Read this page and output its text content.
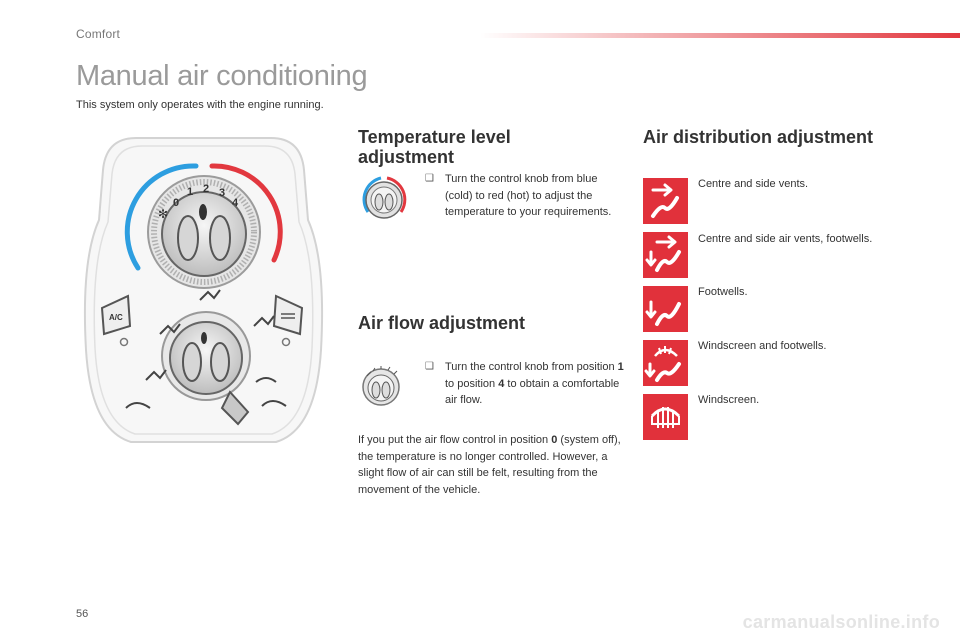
Comfort
Manual air conditioning
This system only operates with the engine running.
0
1 2 3
4
✻
A/C
Temperature level adjustment
❑ Turn the control knob from blue (cold) to red (hot) to adjust the temperature to your requirements.
Air flow adjustment
❑ Turn the control knob from position 1 to position 4 to obtain a comfortable air flow.
If you put the air flow control in position 0 (system off), the temperature is no longer controlled. However, a slight flow of air can still be felt, resulting from the movement of the vehicle.
Air distribution adjustment
Centre and side vents.
Centre and side air vents, footwells.
Footwells.
Windscreen and footwells.
Windscreen.
56	carmanualsonline.info
